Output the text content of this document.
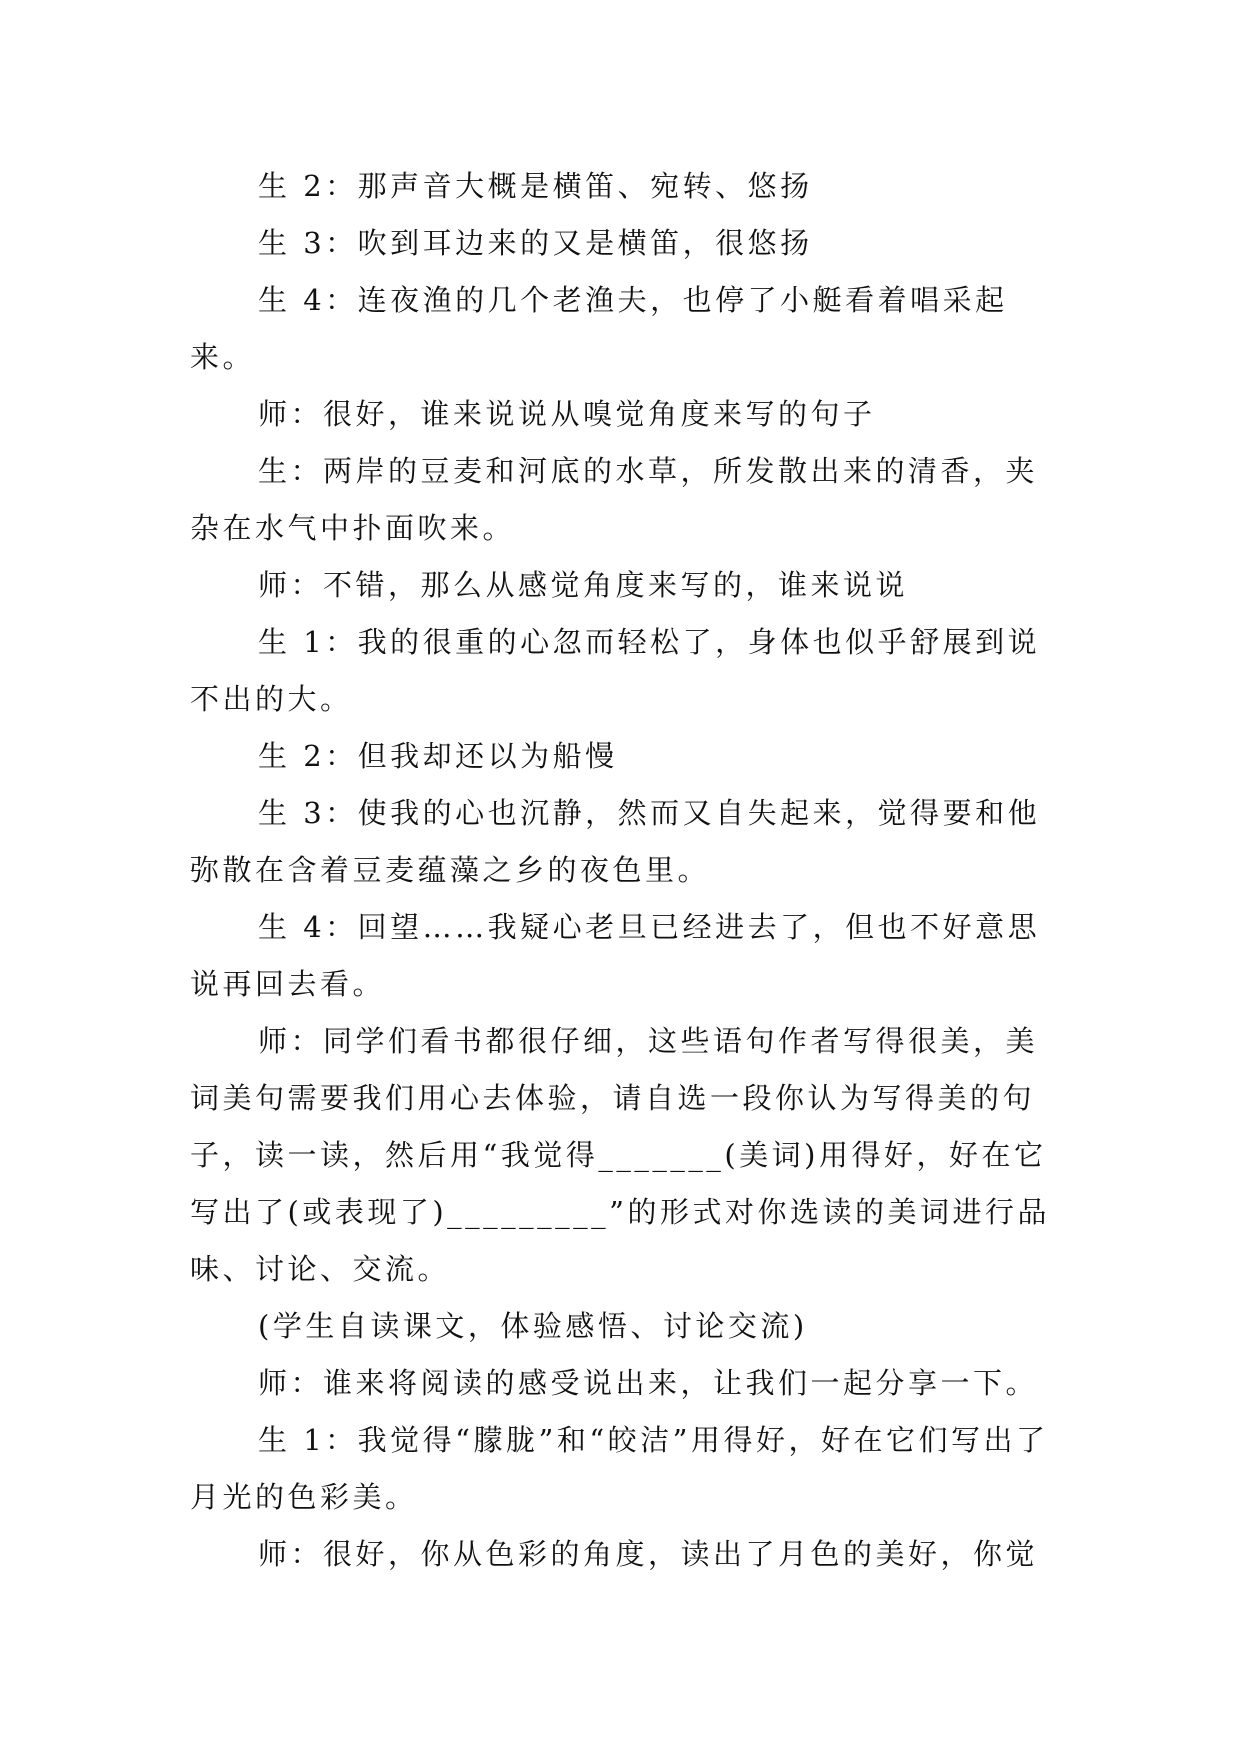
生 2：那声音大概是横笛、宛转、悠扬

生 3：吹到耳边来的又是横笛，很悠扬

生 4：连夜渔的几个老渔夫，也停了小艇看着唱采起来。

师：很好，谁来说说从嗅觉角度来写的句子

生：两岸的豆麦和河底的水草，所发散出来的清香，夹杂在水气中扑面吹来。

师：不错，那么从感觉角度来写的，谁来说说

生 1：我的很重的心忽而轻松了，身体也似乎舒展到说不出的大。

生 2：但我却还以为船慢

生 3：使我的心也沉静，然而又自失起来，觉得要和他弥散在含着豆麦蕴藻之乡的夜色里。

生 4：回望……我疑心老旦已经进去了，但也不好意思说再回去看。

师：同学们看书都很仔细，这些语句作者写得很美，美词美句需要我们用心去体验，请自选一段你认为写得美的句子，读一读，然后用“我觉得_______(美词)用得好，好在它写出了(或表现了)_________”的形式对你选读的美词进行品味、讨论、交流。

(学生自读课文，体验感悟、讨论交流)

师：谁来将阅读的感受说出来，让我们一起分享一下。

生 1：我觉得“朦胧”和“皎洁”用得好，好在它们写出了月光的色彩美。

师：很好，你从色彩的角度，读出了月色的美好，你觉
